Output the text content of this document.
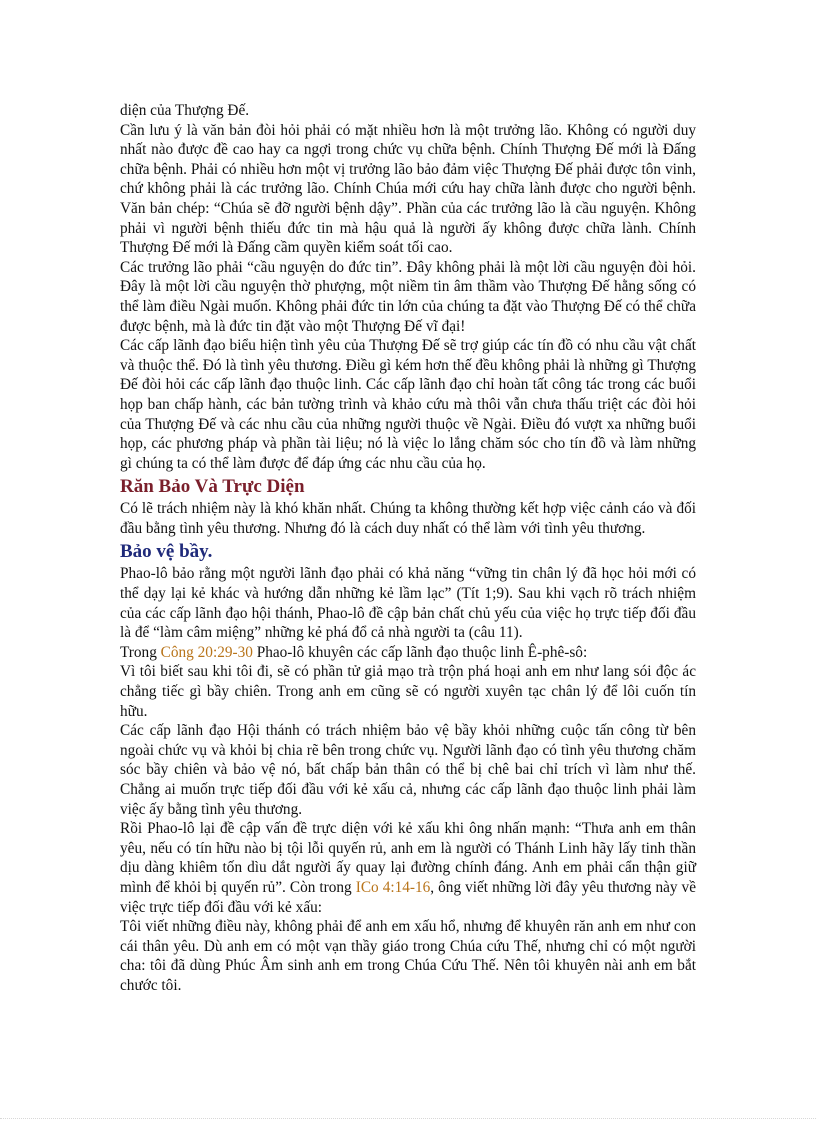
diện của Thượng Đế.

Cần lưu ý là văn bản đòi hỏi phải có mặt nhiều hơn là một trưởng lão. Không có người duy nhất nào được đề cao hay ca ngợi trong chức vụ chữa bệnh. Chính Thượng Đế mới là Đấng chữa bệnh. Phải có nhiều hơn một vị trưởng lão bảo đảm việc Thượng Đế phải được tôn vinh, chứ không phải là các trưởng lão. Chính Chúa mới cứu hay chữa lành được cho người bệnh. Văn bản chép: “Chúa sẽ đỡ người bệnh dậy”. Phần của các trưởng lão là cầu nguyện. Không phải vì người bệnh thiếu đức tin mà hậu quả là người ấy không được chữa lành. Chính Thượng Đế mới là Đấng cầm quyền kiểm soát tối cao.

Các trưởng lão phải “cầu nguyện do đức tin”. Đây không phải là một lời cầu nguyện đòi hỏi. Đây là một lời cầu nguyện thờ phượng, một niềm tin âm thầm vào Thượng Đế hằng sống có thể làm điều Ngài muốn. Không phải đức tin lớn của chúng ta đặt vào Thượng Đế có thể chữa được bệnh, mà là đức tin đặt vào một Thượng Đế vĩ đại!

Các cấp lãnh đạo biểu hiện tình yêu của Thượng Đế sẽ trợ giúp các tín đồ có nhu cầu vật chất và thuộc thể. Đó là tình yêu thương. Điều gì kém hơn thế đều không phải là những gì Thượng Đế đòi hỏi các cấp lãnh đạo thuộc linh. Các cấp lãnh đạo chỉ hoàn tất công tác trong các buổi họp ban chấp hành, các bản tường trình và khảo cứu mà thôi vẫn chưa thấu triệt các đòi hỏi của Thượng Đế và các nhu cầu của những người thuộc về Ngài. Điều đó vượt xa những buổi họp, các phương pháp và phần tài liệu; nó là việc lo lắng chăm sóc cho tín đồ và làm những gì chúng ta có thể làm được để đáp ứng các nhu cầu của họ.

Răn Bảo Và Trực Diện

Có lẽ trách nhiệm này là khó khăn nhất. Chúng ta không thường kết hợp việc cảnh cáo và đối đầu bằng tình yêu thương. Nhưng đó là cách duy nhất có thể làm với tình yêu thương.

Bảo vệ bầy.

Phao-lô bảo rằng một người lãnh đạo phải có khả năng “vững tin chân lý đã học hỏi mới có thể dạy lại kẻ khác và hướng dẫn những kẻ lầm lạc” (Tít 1;9). Sau khi vạch rõ trách nhiệm của các cấp lãnh đạo hội thánh, Phao-lô đề cập bản chất chủ yếu của việc họ trực tiếp đối đầu là để “làm câm miệng” những kẻ phá đổ cả nhà người ta (câu 11).

Trong Công 20:29-30 Phao-lô khuyên các cấp lãnh đạo thuộc linh Ê-phê-sô:

Vì tôi biết sau khi tôi đi, sẽ có phần tử giả mạo trà trộn phá hoại anh em như lang sói độc ác chẳng tiếc gì bầy chiên. Trong anh em cũng sẽ có người xuyên tạc chân lý để lôi cuốn tín hữu.

Các cấp lãnh đạo Hội thánh có trách nhiệm bảo vệ bầy khỏi những cuộc tấn công từ bên ngoài chức vụ và khỏi bị chia rẽ bên trong chức vụ. Người lãnh đạo có tình yêu thương chăm sóc bầy chiên và bảo vệ nó, bất chấp bản thân có thể bị chê bai chỉ trích vì làm như thế. Chẳng ai muốn trực tiếp đối đầu với kẻ xấu cả, nhưng các cấp lãnh đạo thuộc linh phải làm việc ấy bằng tình yêu thương.

Rồi Phao-lô lại đề cập vấn đề trực diện với kẻ xấu khi ông nhấn mạnh: “Thưa anh em thân yêu, nếu có tín hữu nào bị tội lỗi quyến rủ, anh em là người có Thánh Linh hãy lấy tinh thần dịu dàng khiêm tốn dìu dắt người ấy quay lại đường chính đáng. Anh em phải cẩn thận giữ mình để khỏi bị quyến rủ”. Còn trong ICo 4:14-16, ông viết những lời đây yêu thương này về việc trực tiếp đối đầu với kẻ xấu:

Tôi viết những điều này, không phải để anh em xấu hổ, nhưng để khuyên răn anh em như con cái thân yêu. Dù anh em có một vạn thầy giáo trong Chúa cứu Thế, nhưng chỉ có một người cha: tôi đã dùng Phúc Âm sinh anh em trong Chúa Cứu Thế. Nên tôi khuyên nài anh em bắt chước tôi.
